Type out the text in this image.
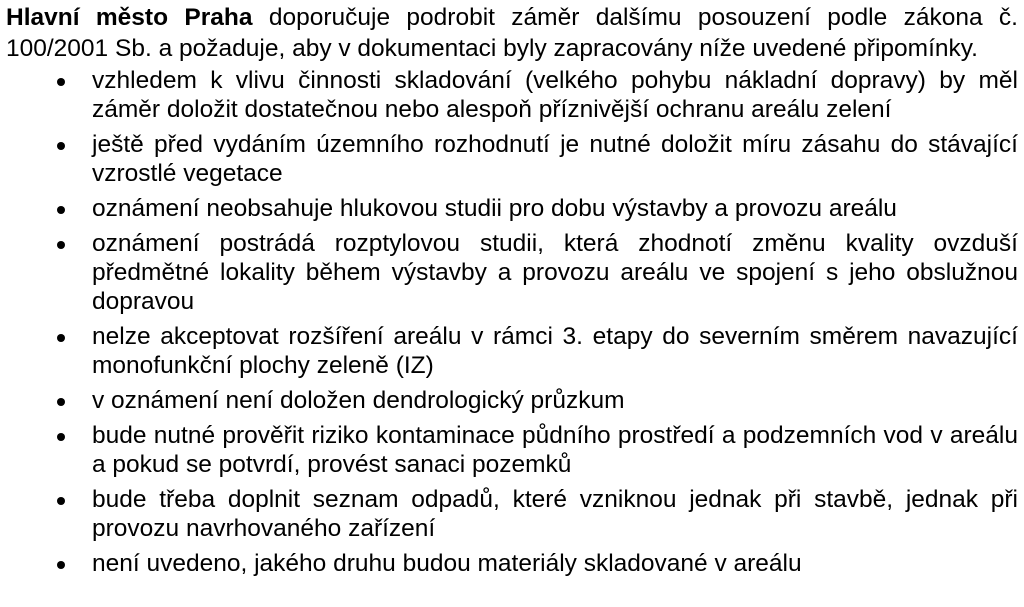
Hlavní město Praha doporučuje podrobit záměr dalšímu posouzení podle zákona č. 100/2001 Sb. a požaduje, aby v dokumentaci byly zapracovány níže uvedené připomínky.

vzhledem k vlivu činnosti skladování (velkého pohybu nákladní dopravy) by měl záměr doložit dostatečnou nebo alespoň příznivější ochranu areálu zelení
ještě před vydáním územního rozhodnutí je nutné doložit míru zásahu do stávající vzrostlé vegetace
oznámení neobsahuje hlukovou studii pro dobu výstavby a provozu areálu
oznámení postrádá rozptylovou studii, která zhodnotí změnu kvality ovzduší předmětné lokality během výstavby a provozu areálu ve spojení s jeho obslužnou dopravou
nelze akceptovat rozšíření areálu v rámci 3. etapy do severním směrem navazující monofunkční plochy zeleně (IZ)
v oznámení není doložen dendrologický průzkum
bude nutné prověřit riziko kontaminace půdního prostředí a podzemních vod v areálu a pokud se potvrdí, provést sanaci pozemků
bude třeba doplnit seznam odpadů, které vzniknou jednak při stavbě, jednak při provozu navrhovaného zařízení
není uvedeno, jakého druhu budou materiály skladované v areálu
